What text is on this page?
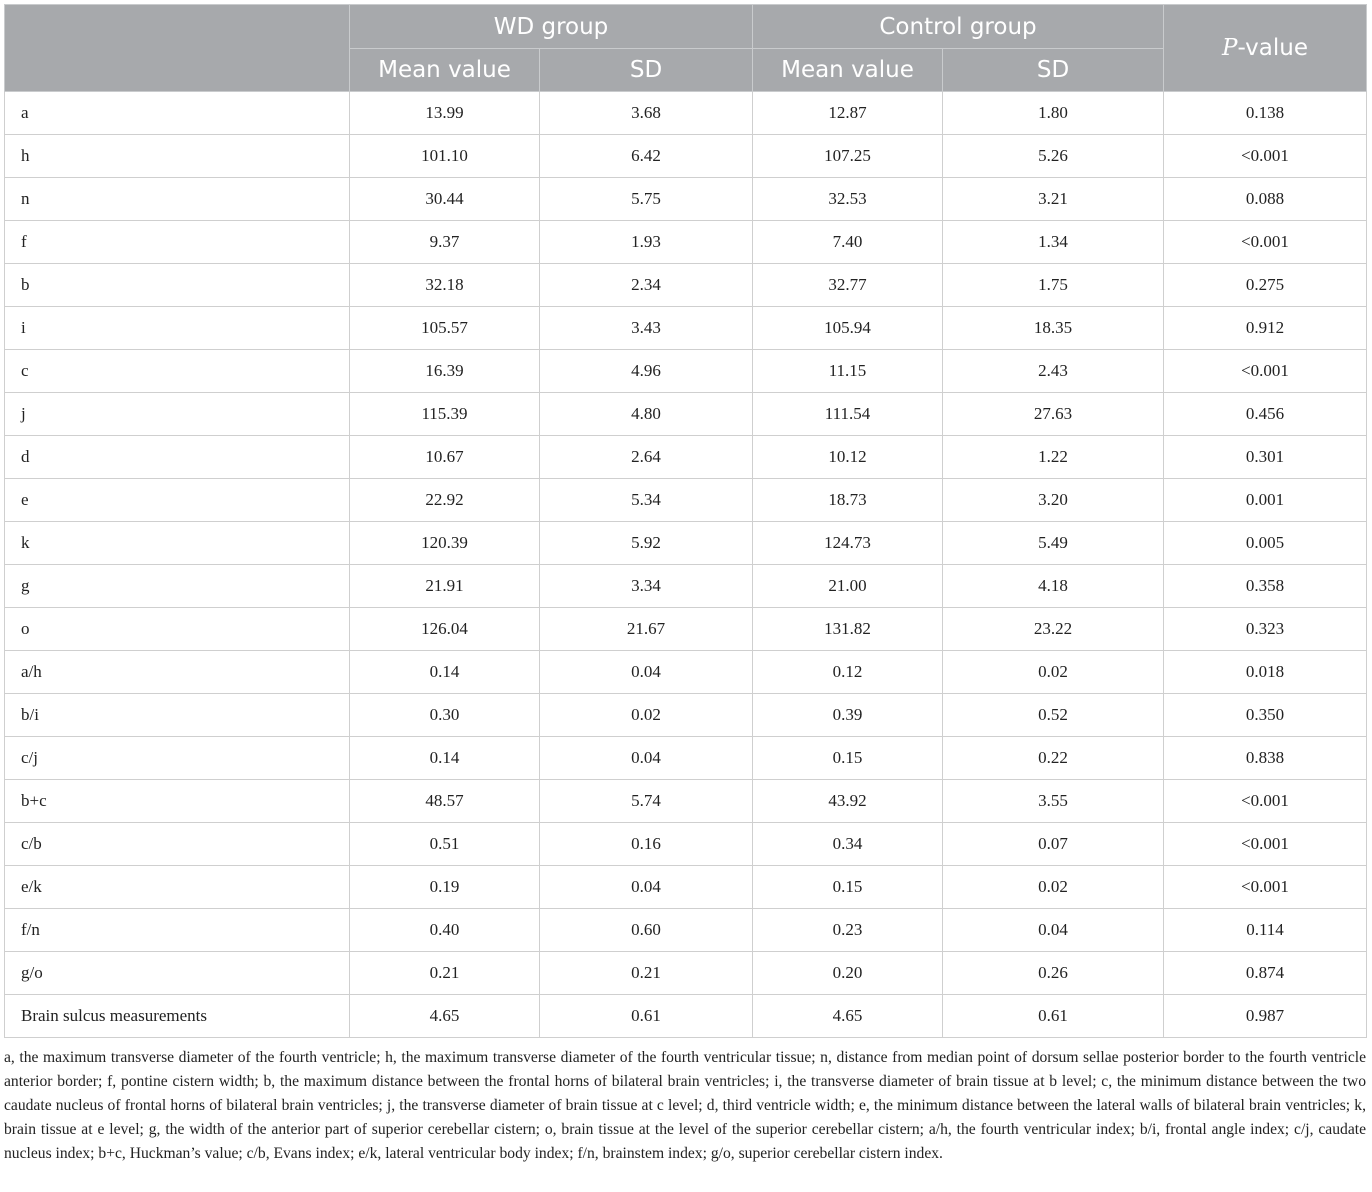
	WD group		Control group		P-value
	Mean value	SD	Mean value	SD	
a	13.99	3.68	12.87	1.80	0.138
h	101.10	6.42	107.25	5.26	<0.001
n	30.44	5.75	32.53	3.21	0.088
f	9.37	1.93	7.40	1.34	<0.001
b	32.18	2.34	32.77	1.75	0.275
i	105.57	3.43	105.94	18.35	0.912
c	16.39	4.96	11.15	2.43	<0.001
j	115.39	4.80	111.54	27.63	0.456
d	10.67	2.64	10.12	1.22	0.301
e	22.92	5.34	18.73	3.20	0.001
k	120.39	5.92	124.73	5.49	0.005
g	21.91	3.34	21.00	4.18	0.358
o	126.04	21.67	131.82	23.22	0.323
a/h	0.14	0.04	0.12	0.02	0.018
b/i	0.30	0.02	0.39	0.52	0.350
c/j	0.14	0.04	0.15	0.22	0.838
b+c	48.57	5.74	43.92	3.55	<0.001
c/b	0.51	0.16	0.34	0.07	<0.001
e/k	0.19	0.04	0.15	0.02	<0.001
f/n	0.40	0.60	0.23	0.04	0.114
g/o	0.21	0.21	0.20	0.26	0.874
Brain sulcus measurements	4.65	0.61	4.65	0.61	0.987
a, the maximum transverse diameter of the fourth ventricle; h, the maximum transverse diameter of the fourth ventricular tissue; n, distance from median point of dorsum sellae posterior border to the fourth ventricle anterior border; f, pontine cistern width; b, the maximum distance between the frontal horns of bilateral brain ventricles; i, the transverse diameter of brain tissue at b level; c, the minimum distance between the two caudate nucleus of frontal horns of bilateral brain ventricles; j, the transverse diameter of brain tissue at c level; d, third ventricle width; e, the minimum distance between the lateral walls of bilateral brain ventricles; k, brain tissue at e level; g, the width of the anterior part of superior cerebellar cistern; o, brain tissue at the level of the superior cerebellar cistern; a/h, the fourth ventricular index; b/i, frontal angle index; c/j, caudate nucleus index; b+c, Huckman’s value; c/b, Evans index; e/k, lateral ventricular body index; f/n, brainstem index; g/o, superior cerebellar cistern index.
